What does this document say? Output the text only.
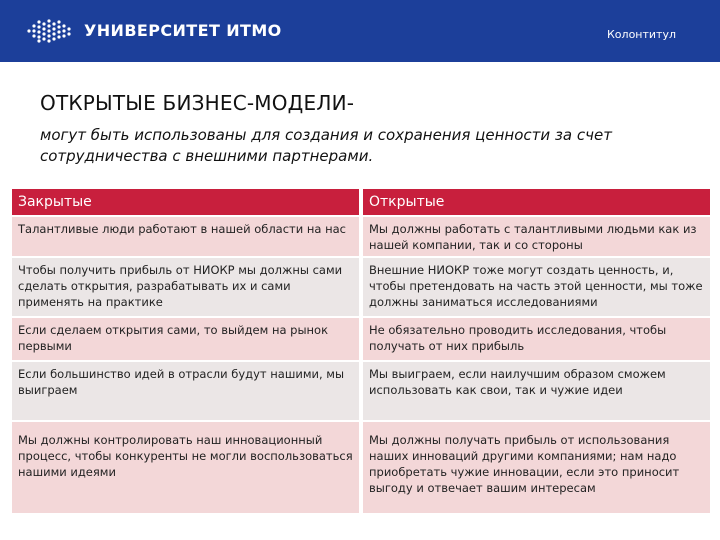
УНИВЕРСИТЕТ ИТМО	Колонтитул
ОТКРЫТЫЕ БИЗНЕС-МОДЕЛИ-

могут быть использованы для создания и сохранения ценности за счет сотрудничества с внешними партнерами.

Закрытые		Открытые
Талантливые люди работают в нашей области на нас		Мы должны работать с талантливыми людьми как из нашей компании, так и со стороны
Чтобы получить прибыль от НИОКР мы должны сами сделать открытия, разрабатывать их и сами применять на практике		Внешние НИОКР тоже могут создать ценность, и, чтобы претендовать на часть этой ценности, мы тоже должны заниматься исследованиями
Если сделаем открытия сами, то выйдем на рынок первыми		Не обязательно проводить исследования, чтобы получать от них прибыль
Если большинство идей в отрасли будут нашими, мы выиграем		Мы выиграем, если наилучшим образом сможем использовать как свои, так и чужие идеи
Мы должны контролировать наш инновационный процесс, чтобы конкуренты не могли воспользоваться нашими идеями		Мы должны получать прибыль от использования наших инноваций другими компаниями; нам надо приобретать чужие инновации, если это приносит выгоду и отвечает вашим интересам
